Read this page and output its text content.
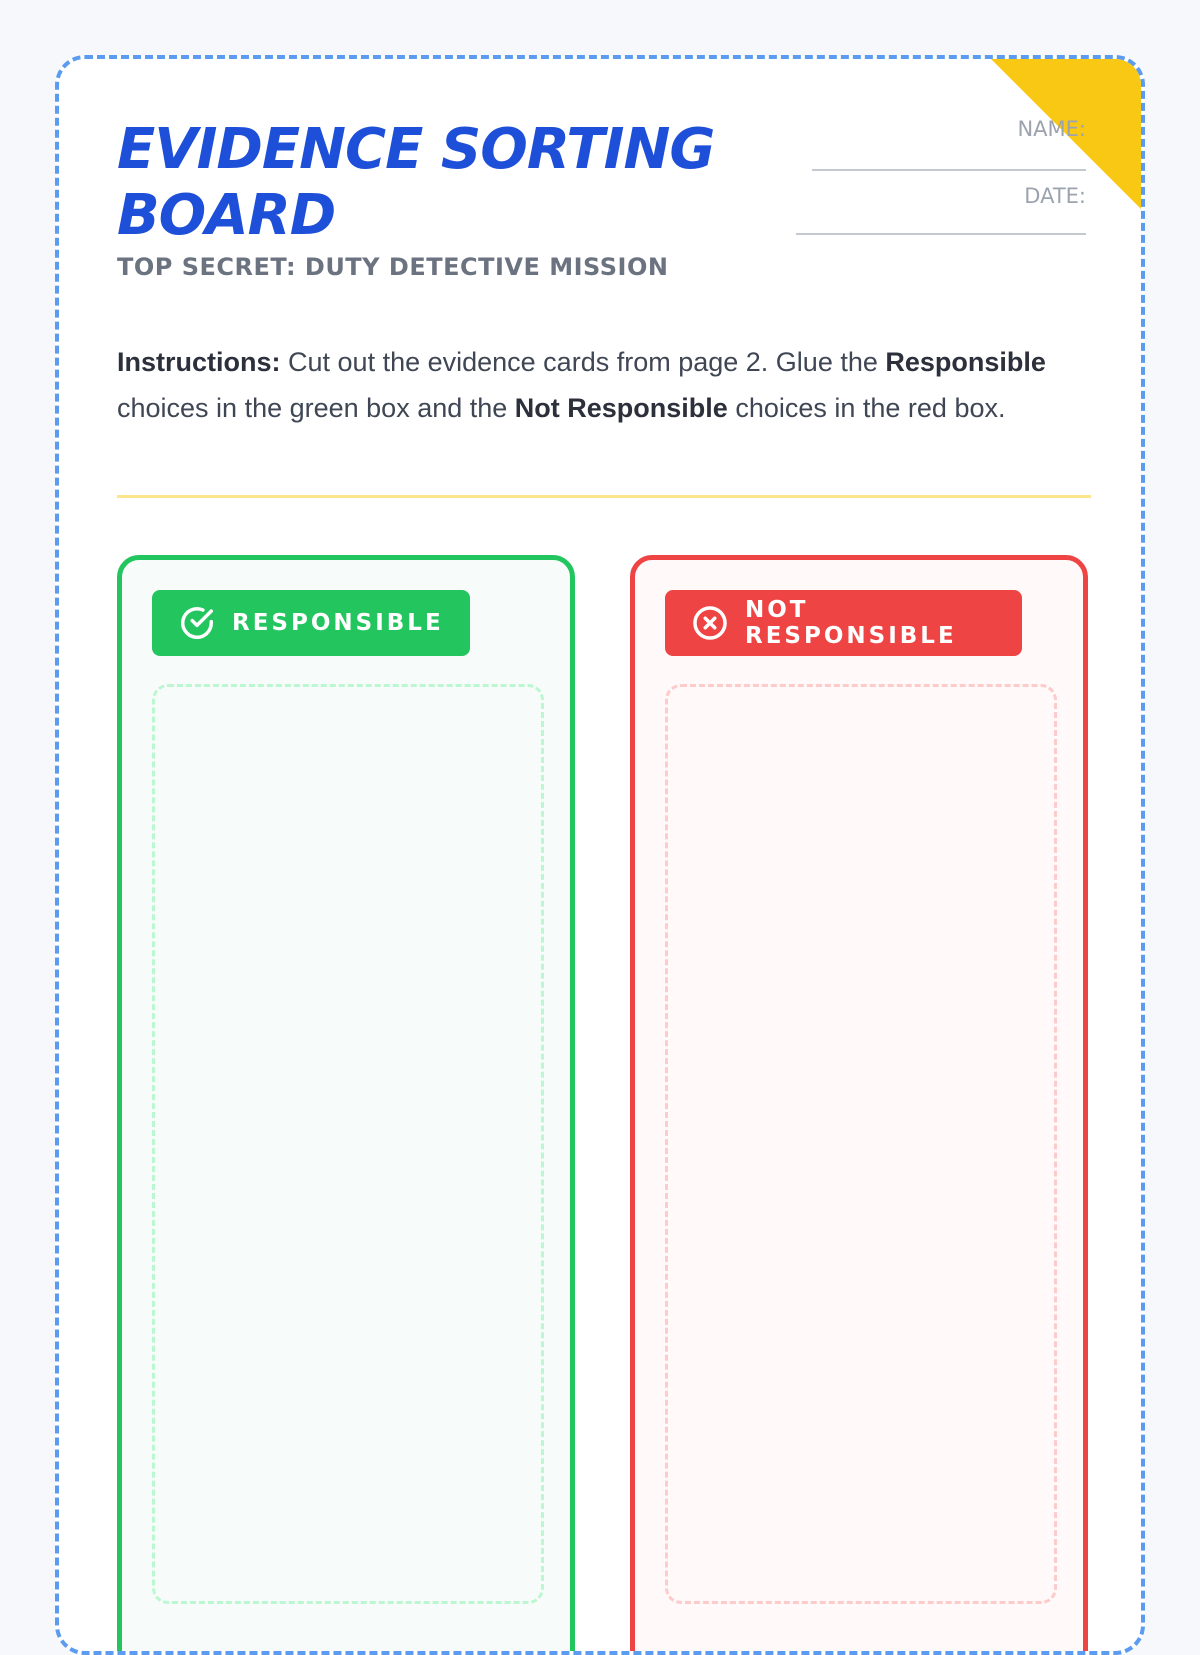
EVIDENCE SORTING BOARD
TOP SECRET: DUTY DETECTIVE MISSION
NAME:
DATE:
Instructions: Cut out the evidence cards from page 2. Glue the Responsible choices in the green box and the Not Responsible choices in the red box.
RESPONSIBLE	NOT RESPONSIBLE
